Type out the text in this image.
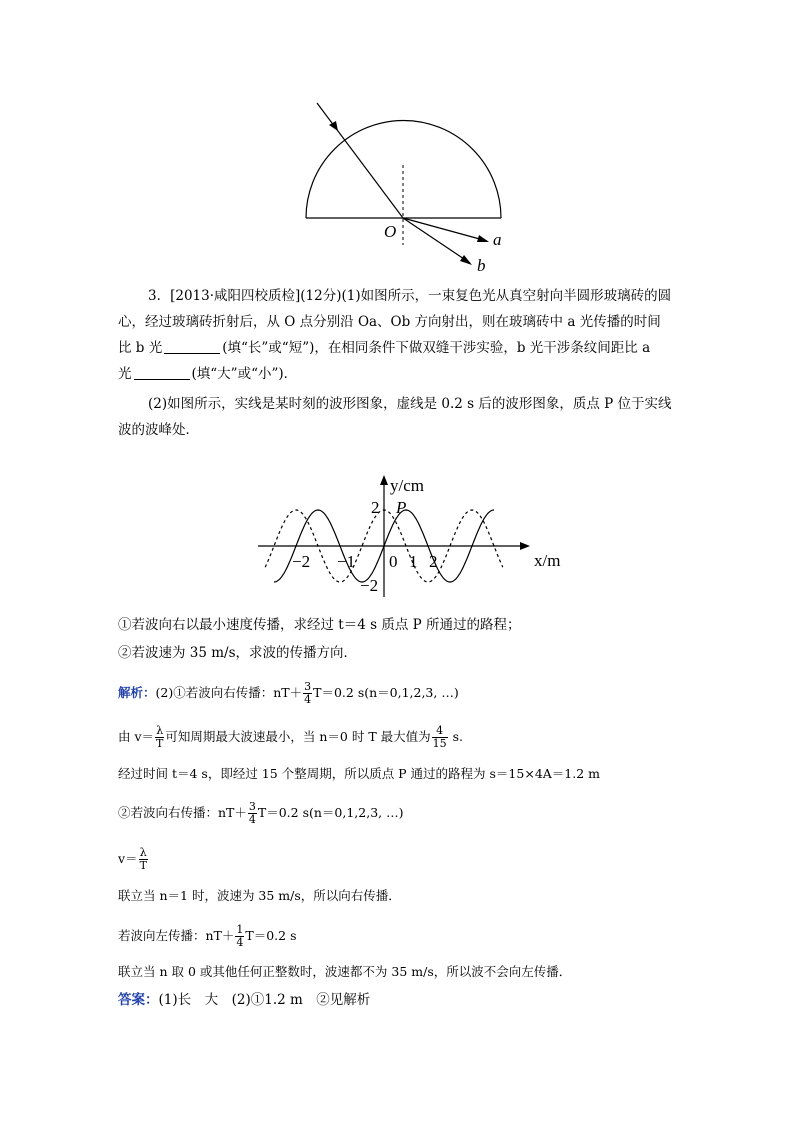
O	a
b
3．[2013·咸阳四校质检](12分)(1)如图所示，一束复色光从真空射向半圆形玻璃砖的圆
心，经过玻璃砖折射后，从 O 点分别沿 Oa、Ob 方向射出，则在玻璃砖中 a 光传播的时间
比 b 光	(填“长”或“短”)，在相同条件下做双缝干涉实验，b 光干涉条纹间距比 a
光	(填“大”或“小”)．
(2)如图所示，实线是某时刻的波形图象，虚线是 0.2 s 后的波形图象，质点 P 位于实线
波的波峰处．
y/cm
x/m
P
2
−2
−2 −1 0 1 2
①若波向右以最小速度传播，求经过 t＝4 s 质点 P 所通过的路程；
②若波速为 35 m/s，求波的传播方向．
解析：(2)①若波向右传播：$nT+ \frac{3}{4} T=0.2$ s(n＝0,1,2,3, …)
由 $v= \frac{\lambda}{T}$ 可知周期最大波速最小，当 n＝0 时 T 最大值为 $\frac{4}{15} s$.
经过时间 t＝4 s，即经过 15 个整周期，所以质点 P 通过的路程为 s＝15×4A＝1.2 m
②若波向右传播：$nT+ \frac{3}{4} T=0.2$ s(n＝0,1,2,3, …)
$v= \frac{\lambda}{T}$
联立当 n＝1 时，波速为 35 m/s，所以向右传播．
若波向左传播：$nT+ \frac{1}{4} T=0.2$ s
联立当 n 取 0 或其他任何正整数时，波速都不为 35 m/s，所以波不会向左传播．
答案：(1)长　大　(2)①1.2 m　②见解析
